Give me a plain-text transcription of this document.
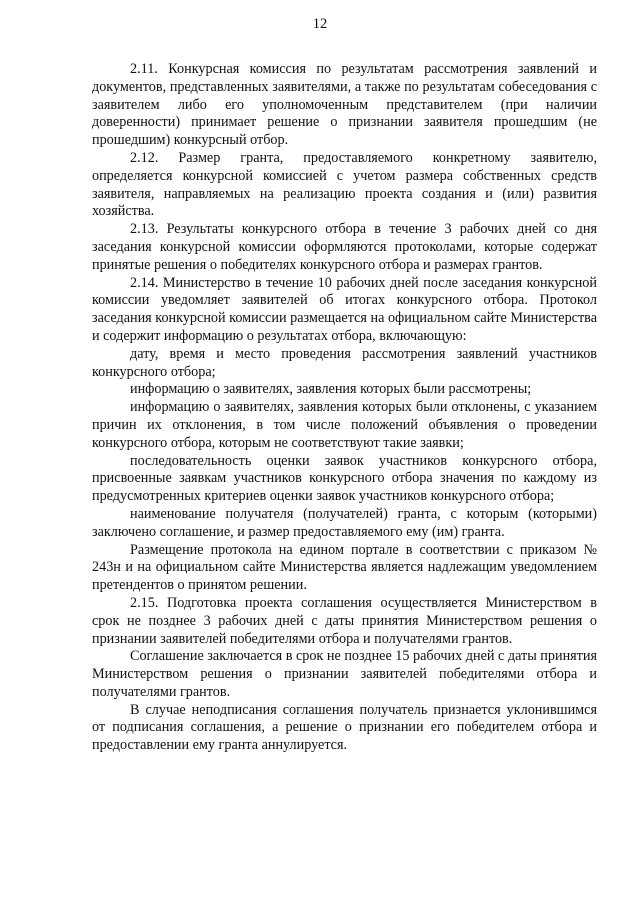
12

2.11. Конкурсная комиссия по результатам рассмотрения заявлений и документов, представленных заявителями, а также по результатам собеседования с заявителем либо его уполномоченным представителем (при наличии доверенности) принимает решение о признании заявителя прошедшим (не прошедшим) конкурсный отбор.

2.12. Размер гранта, предоставляемого конкретному заявителю, определяется конкурсной комиссией с учетом размера собственных средств заявителя, направляемых на реализацию проекта создания и (или) развития хозяйства.

2.13. Результаты конкурсного отбора в течение 3 рабочих дней со дня заседания конкурсной комиссии оформляются протоколами, которые содержат принятые решения о победителях конкурсного отбора и размерах грантов.

2.14. Министерство в течение 10 рабочих дней после заседания конкурсной комиссии уведомляет заявителей об итогах конкурсного отбора. Протокол заседания конкурсной комиссии размещается на официальном сайте Министерства и содержит информацию о результатах отбора, включающую:

дату, время и место проведения рассмотрения заявлений участников конкурсного отбора;

информацию о заявителях, заявления которых были рассмотрены;

информацию о заявителях, заявления которых были отклонены, с указанием причин их отклонения, в том числе положений объявления о проведении конкурсного отбора, которым не соответствуют такие заявки;

последовательность оценки заявок участников конкурсного отбора, присвоенные заявкам участников конкурсного отбора значения по каждому из предусмотренных критериев оценки заявок участников конкурсного отбора;

наименование получателя (получателей) гранта, с которым (которыми) заключено соглашение, и размер предоставляемого ему (им) гранта.

Размещение протокола на едином портале в соответствии с приказом № 243н и на официальном сайте Министерства является надлежащим уведомлением претендентов о принятом решении.

2.15. Подготовка проекта соглашения осуществляется Министерством в срок не позднее 3 рабочих дней с даты принятия Министерством решения о признании заявителей победителями отбора и получателями грантов.

Соглашение заключается в срок не позднее 15 рабочих дней с даты принятия Министерством решения о признании заявителей победителями отбора и получателями грантов.

В случае неподписания соглашения получатель признается уклонившимся от подписания соглашения, а решение о признании его победителем отбора и предоставлении ему гранта аннулируется.
